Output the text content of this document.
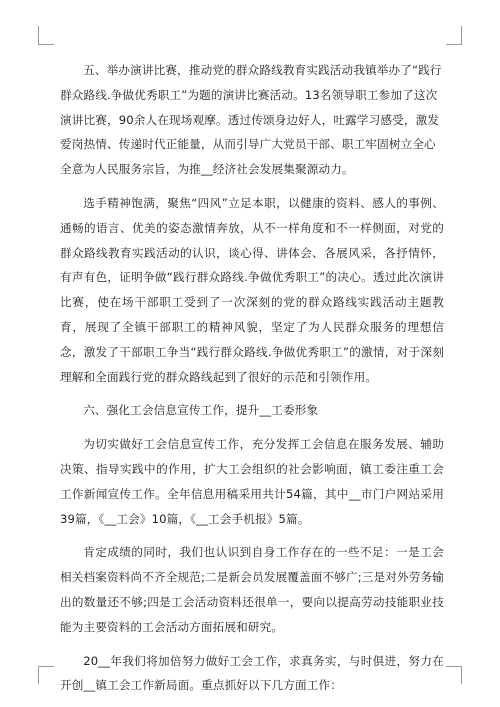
五、举办演讲比赛，推动党的群众路线教育实践活动我镇举办了“践行群众路线.争做优秀职工”为题的演讲比赛活动。13名领导职工参加了这次演讲比赛，90余人在现场观摩。透过传颂身边好人，吐露学习感受，激发爱岗热情、传递时代正能量，从而引导广大党员干部、职工牢固树立全心全意为人民服务宗旨，为推__经济社会发展集聚源动力。

选手精神饱满，聚焦“四风”立足本职，以健康的资料、感人的事例、通畅的语言、优美的姿态激情奔放，从不一样角度和不一样侧面，对党的群众路线教育实践活动的认识，谈心得、讲体会、各展风采，各抒情怀，有声有色，证明争做“践行群众路线.争做优秀职工”的决心。透过此次演讲比赛，使在场干部职工受到了一次深刻的党的群众路线实践活动主题教育，展现了全镇干部职工的精神风貌，坚定了为人民群众服务的理想信念，激发了干部职工争当“践行群众路线.争做优秀职工”的激情，对于深刻理解和全面践行党的群众路线起到了很好的示范和引领作用。

六、强化工会信息宣传工作，提升__工委形象

为切实做好工会信息宣传工作，充分发挥工会信息在服务发展、辅助决策、指导实践中的作用，扩大工会组织的社会影响面，镇工委注重工会工作新闻宣传工作。全年信息用稿采用共计54篇，其中__市门户网站采用39篇，《__工会》10篇，《__工会手机报》5篇。

肯定成绩的同时，我们也认识到自身工作存在的一些不足：一是工会相关档案资料尚不齐全规范;二是新会员发展覆盖面不够广;三是对外劳务输出的数量还不够;四是工会活动资料还很单一，要向以提高劳动技能职业技能为主要资料的工会活动方面拓展和研究。

20__年我们将加倍努力做好工会工作，求真务实，与时俱进，努力在开创__镇工会工作新局面。重点抓好以下几方面工作：
